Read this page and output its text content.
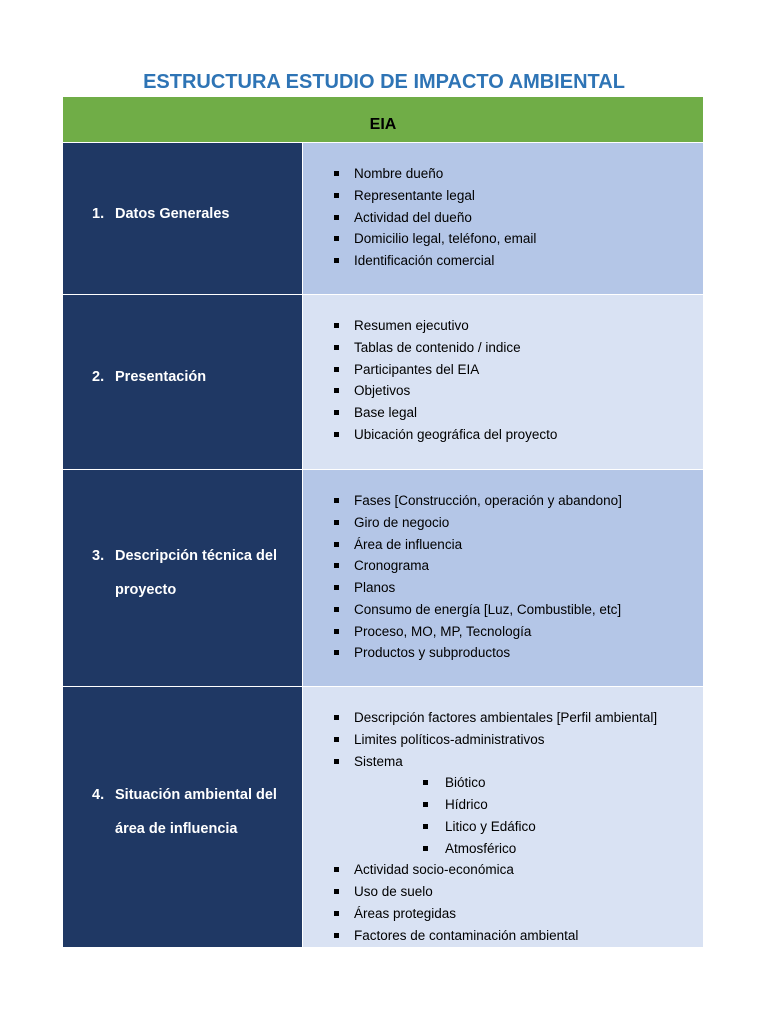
ESTRUCTURA ESTUDIO DE IMPACTO AMBIENTAL
EIA
1. Datos Generales
Nombre dueño
Representante legal
Actividad del dueño
Domicilio legal, teléfono, email
Identificación comercial
2. Presentación
Resumen ejecutivo
Tablas de contenido / indice
Participantes del EIA
Objetivos
Base legal
Ubicación geográfica del proyecto
3. Descripción técnica del proyecto
Fases [Construcción, operación y abandono]
Giro de negocio
Área de influencia
Cronograma
Planos
Consumo de energía [Luz, Combustible, etc]
Proceso, MO, MP, Tecnología
Productos y subproductos
4. Situación ambiental del área de influencia
Descripción factores ambientales [Perfil ambiental]
Limites políticos-administrativos
Sistema
Biótico
Hídrico
Litico y Edáfico
Atmosférico
Actividad socio-económica
Uso de suelo
Áreas protegidas
Factores de contaminación ambiental
